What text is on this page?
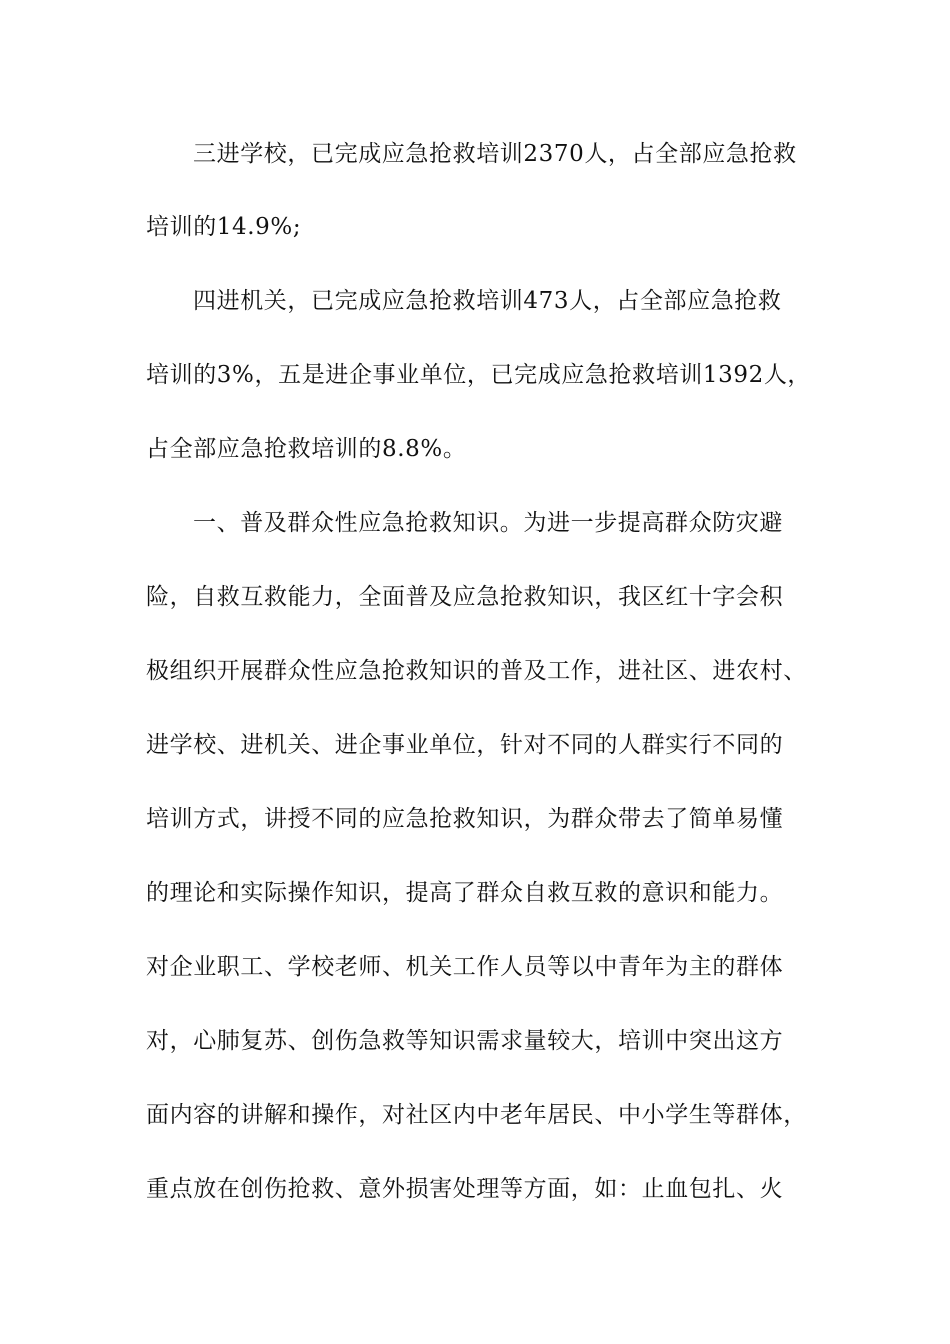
三进学校，已完成应急抢救培训2370人，占全部应急抢救
培训的14.9%;
四进机关，已完成应急抢救培训473人，占全部应急抢救
培训的3%，五是进企事业单位，已完成应急抢救培训1392人，
占全部应急抢救培训的8.8%。
一、普及群众性应急抢救知识。为进一步提高群众防灾避
险，自救互救能力，全面普及应急抢救知识，我区红十字会积
极组织开展群众性应急抢救知识的普及工作，进社区、进农村、
进学校、进机关、进企事业单位，针对不同的人群实行不同的
培训方式，讲授不同的应急抢救知识，为群众带去了简单易懂
的理论和实际操作知识，提高了群众自救互救的意识和能力。
对企业职工、学校老师、机关工作人员等以中青年为主的群体
对，心肺复苏、创伤急救等知识需求量较大，培训中突出这方
面内容的讲解和操作，对社区内中老年居民、中小学生等群体，
重点放在创伤抢救、意外损害处理等方面，如：止血包扎、火
